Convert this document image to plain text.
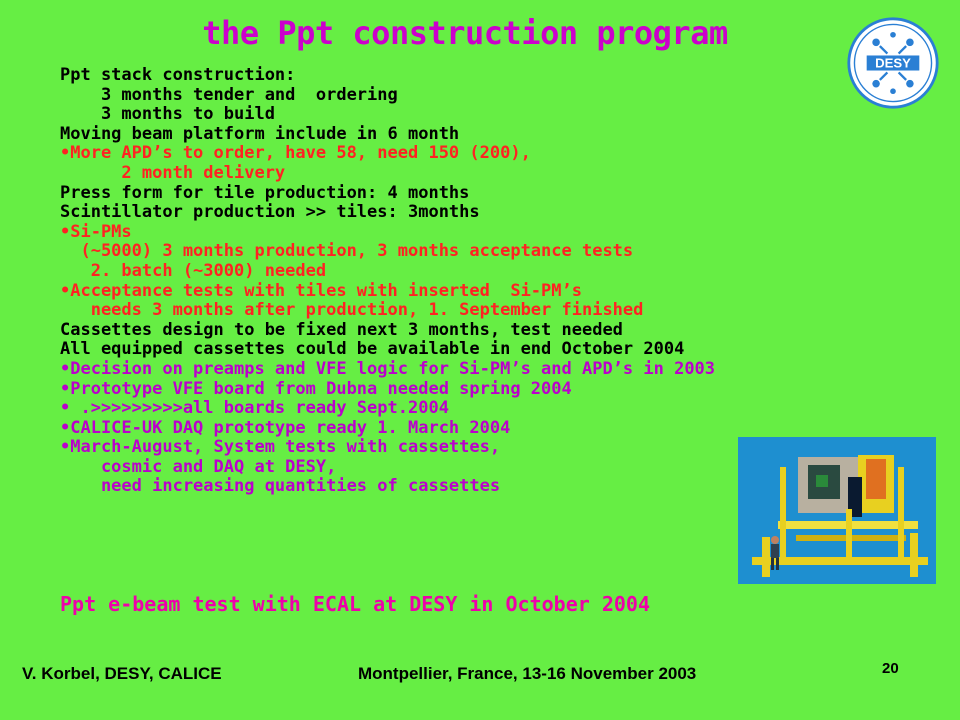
the Ppt construction program
DESY
Ppt stack construction:
3 months tender and  ordering
3 months to build
Moving beam platform include in 6 month
•More APD’s to order, have 58, need 150 (200),
2 month delivery
Press form for tile production: 4 months
Scintillator production >> tiles: 3months
•Si-PMs
(~5000) 3 months production, 3 months acceptance tests
2. batch (~3000) needed
•Acceptance tests with tiles with inserted  Si-PM’s
needs 3 months after production, 1. September finished
Cassettes design to be fixed next 3 months, test needed
All equipped cassettes could be available in end October 2004
•Decision on preamps and VFE logic for Si-PM’s and APD’s in 2003
•Prototype VFE board from Dubna needed spring 2004
• .>>>>>>>>>all boards ready Sept.2004
•CALICE-UK DAQ prototype ready 1. March 2004
•March-August, System tests with cassettes,
cosmic and DAQ at DESY,
need increasing quantities of cassettes
Ppt e-beam test with ECAL at DESY in October 2004
V. Korbel, DESY, CALICE	Montpellier, France, 13-16 November 2003	20
